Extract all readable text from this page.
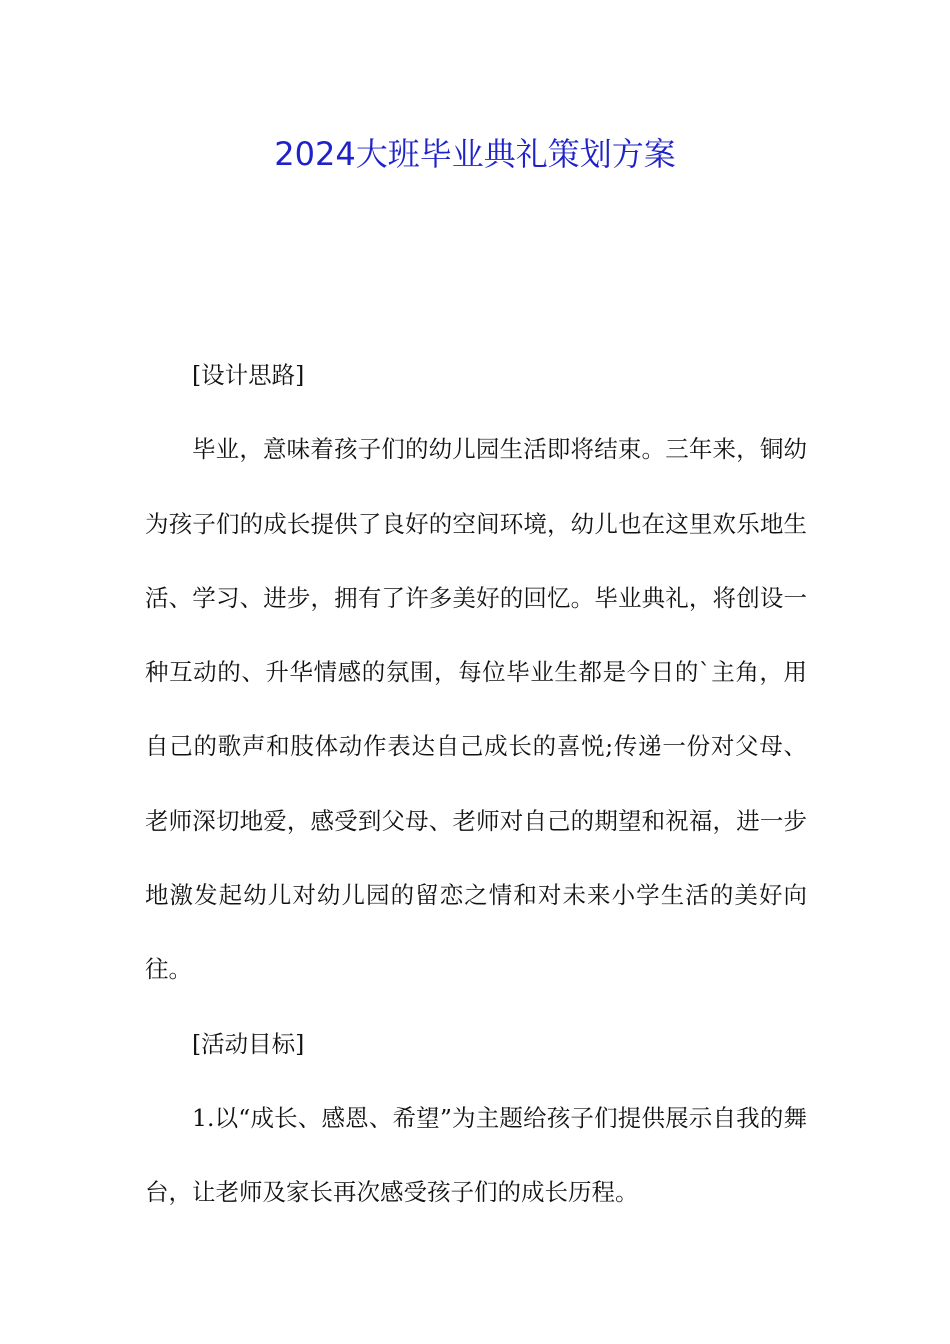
2024大班毕业典礼策划方案

[设计思路]

毕业，意味着孩子们的幼儿园生活即将结束。三年来，铜幼为孩子们的成长提供了良好的空间环境，幼儿也在这里欢乐地生活、学习、进步，拥有了许多美好的回忆。毕业典礼，将创设一种互动的、升华情感的氛围，每位毕业生都是今日的`主角，用自己的歌声和肢体动作表达自己成长的喜悦;传递一份对父母、老师深切地爱，感受到父母、老师对自己的期望和祝福，进一步地激发起幼儿对幼儿园的留恋之情和对未来小学生活的美好向往。

[活动目标]

1.以“成长、感恩、希望”为主题给孩子们提供展示自我的舞台，让老师及家长再次感受孩子们的成长历程。
